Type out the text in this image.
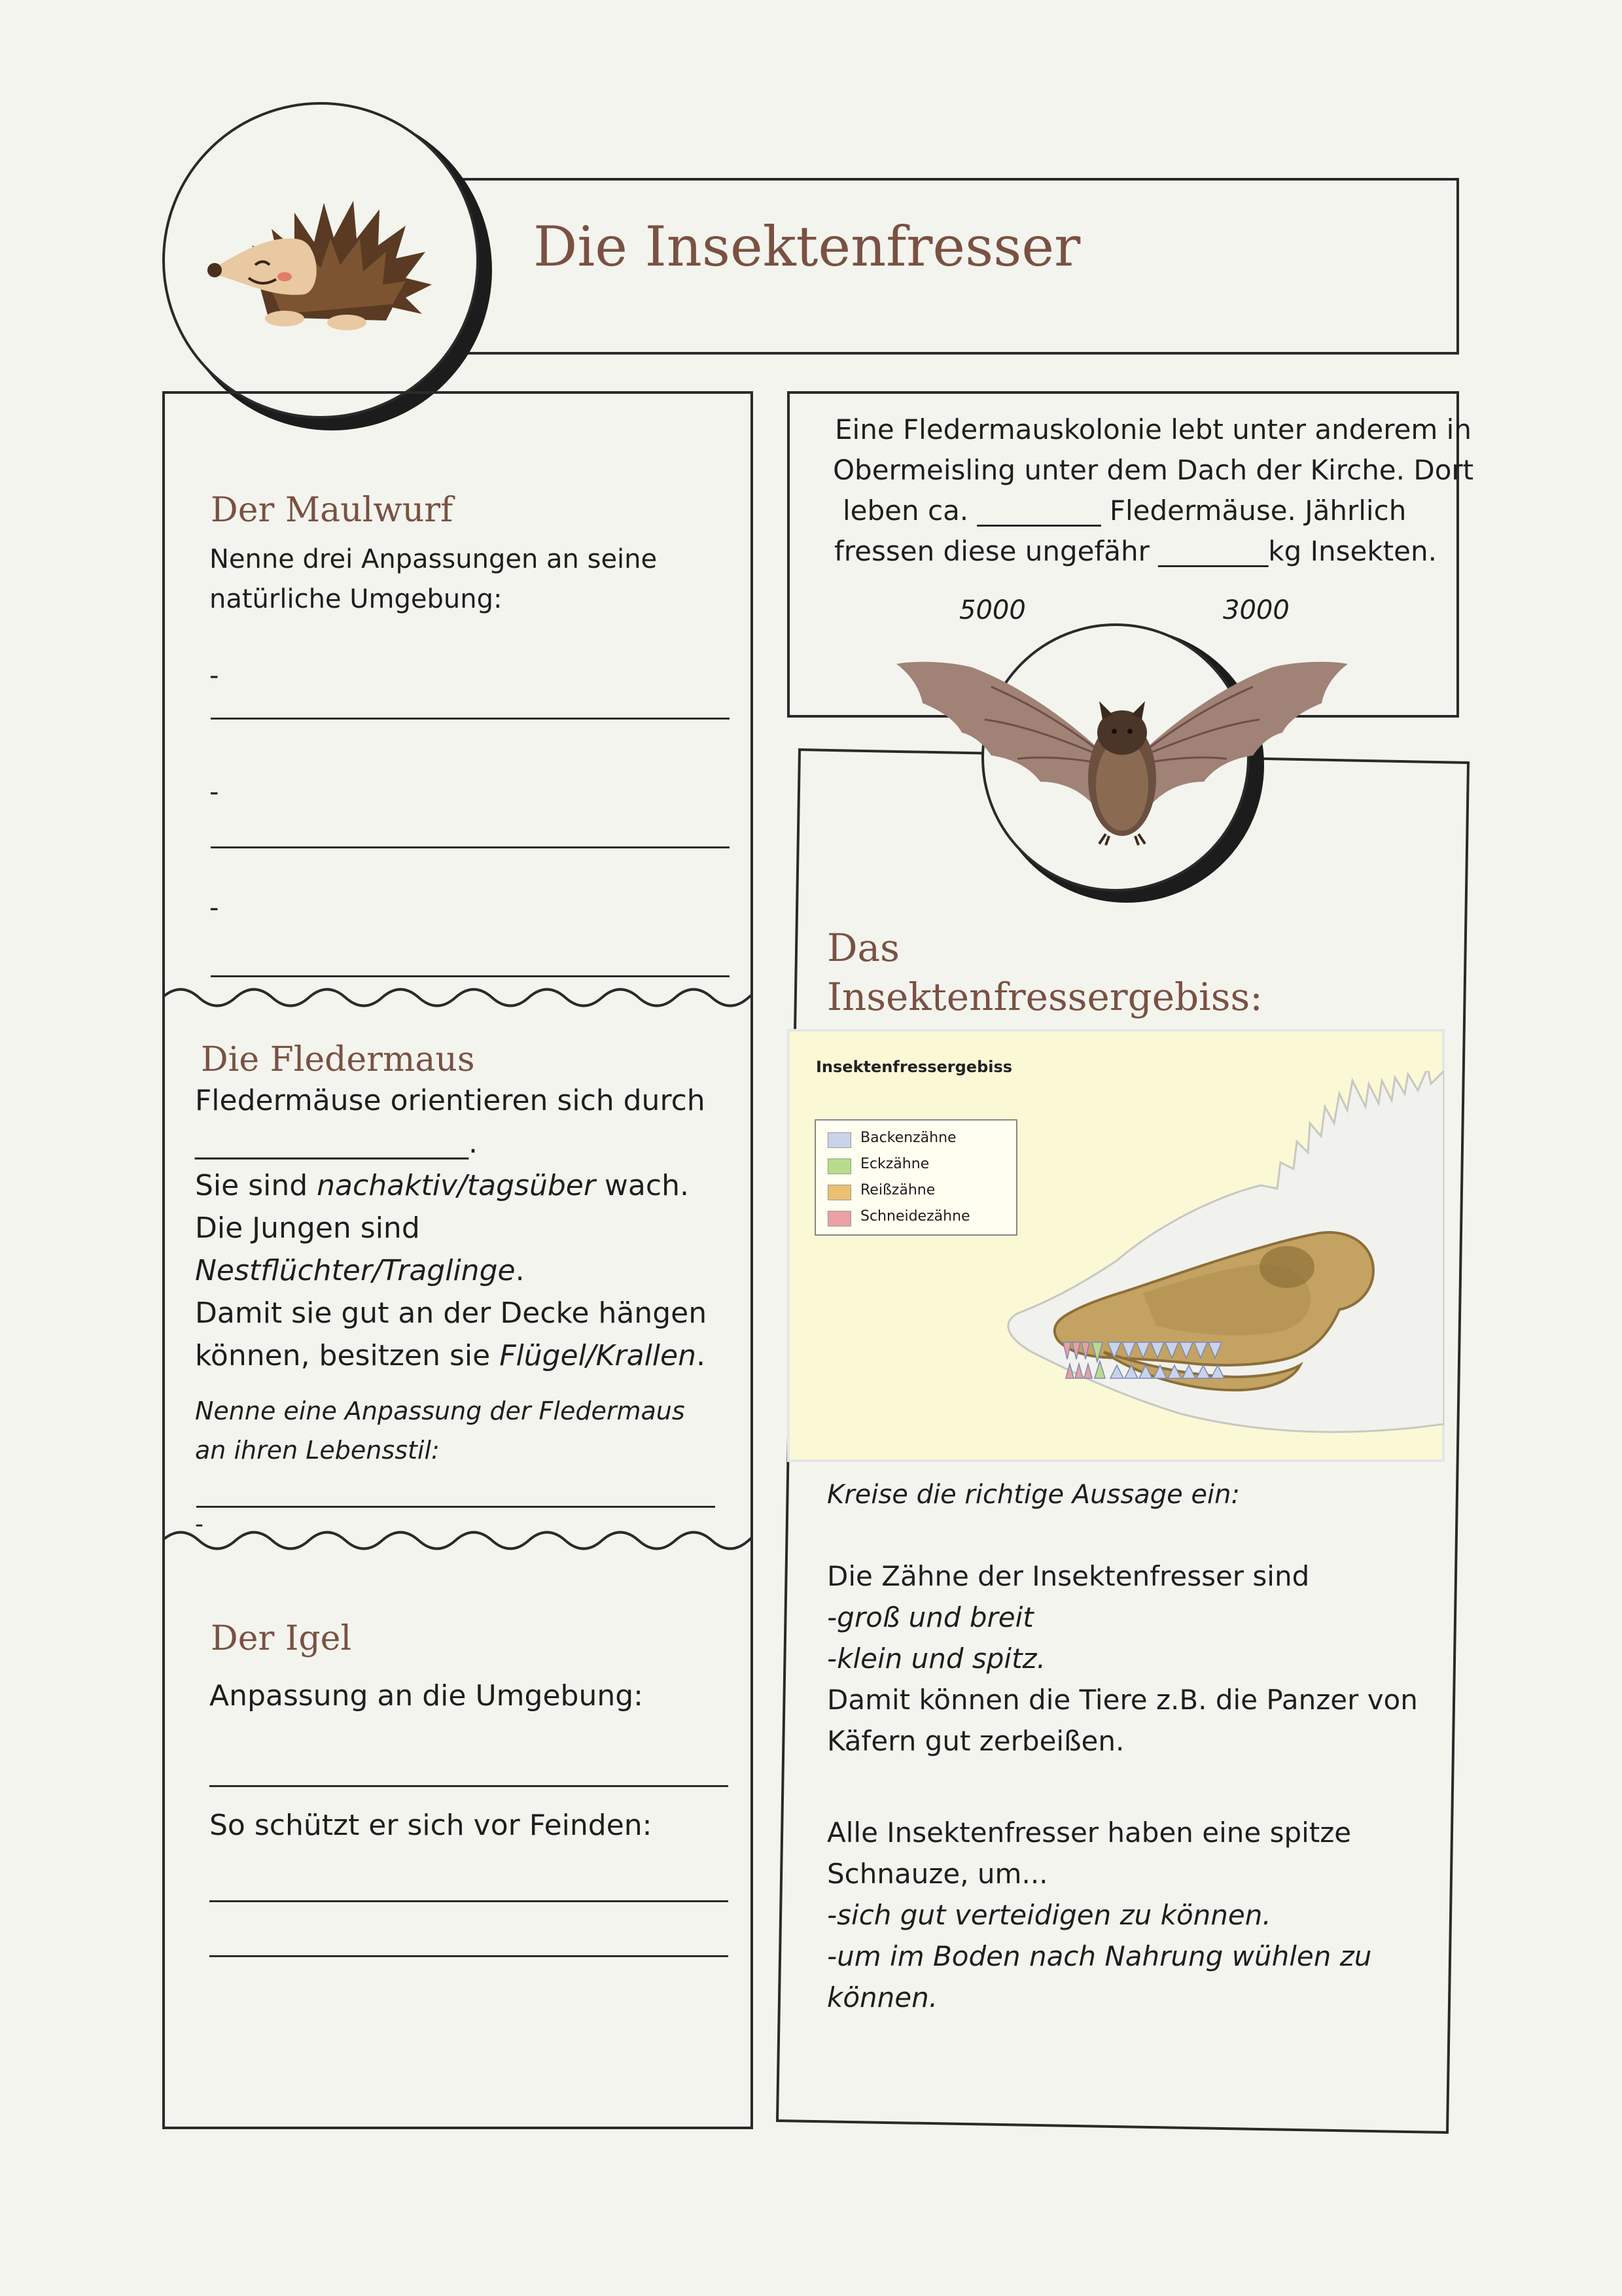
Die Insektenfresser
Der Maulwurf
Nenne drei Anpassungen an seine
natürliche Umgebung:
-
-
-
Die Fledermaus
Fledermäuse orientieren sich durch
___________________.
Sie sind nachaktiv/tagsüber wach.
Die Jungen sind
Nestflüchter/Traglinge.
Damit sie gut an der Decke hängen
können, besitzen sie Flügel/Krallen.
Nenne eine Anpassung der Fledermaus
an ihren Lebensstil:
-
Der Igel
Anpassung an die Umgebung:
So schützt er sich vor Feinden:
Eine Fledermauskolonie lebt unter anderem in
Obermeisling unter dem Dach der Kirche. Dort
leben ca. _________ Fledermäuse. Jährlich
fressen diese ungefähr ________kg Insekten.
5000	3000
Das
Insektenfressergebiss:
Insektenfressergebiss
Backenzähne
Eckzähne
Reißzähne
Schneidezähne
Kreise die richtige Aussage ein:
Die Zähne der Insektenfresser sind
-groß und breit
-klein und spitz.
Damit können die Tiere z.B. die Panzer von
Käfern gut zerbeißen.
Alle Insektenfresser haben eine spitze
Schnauze, um...
-sich gut verteidigen zu können.
-um im Boden nach Nahrung wühlen zu
können.
